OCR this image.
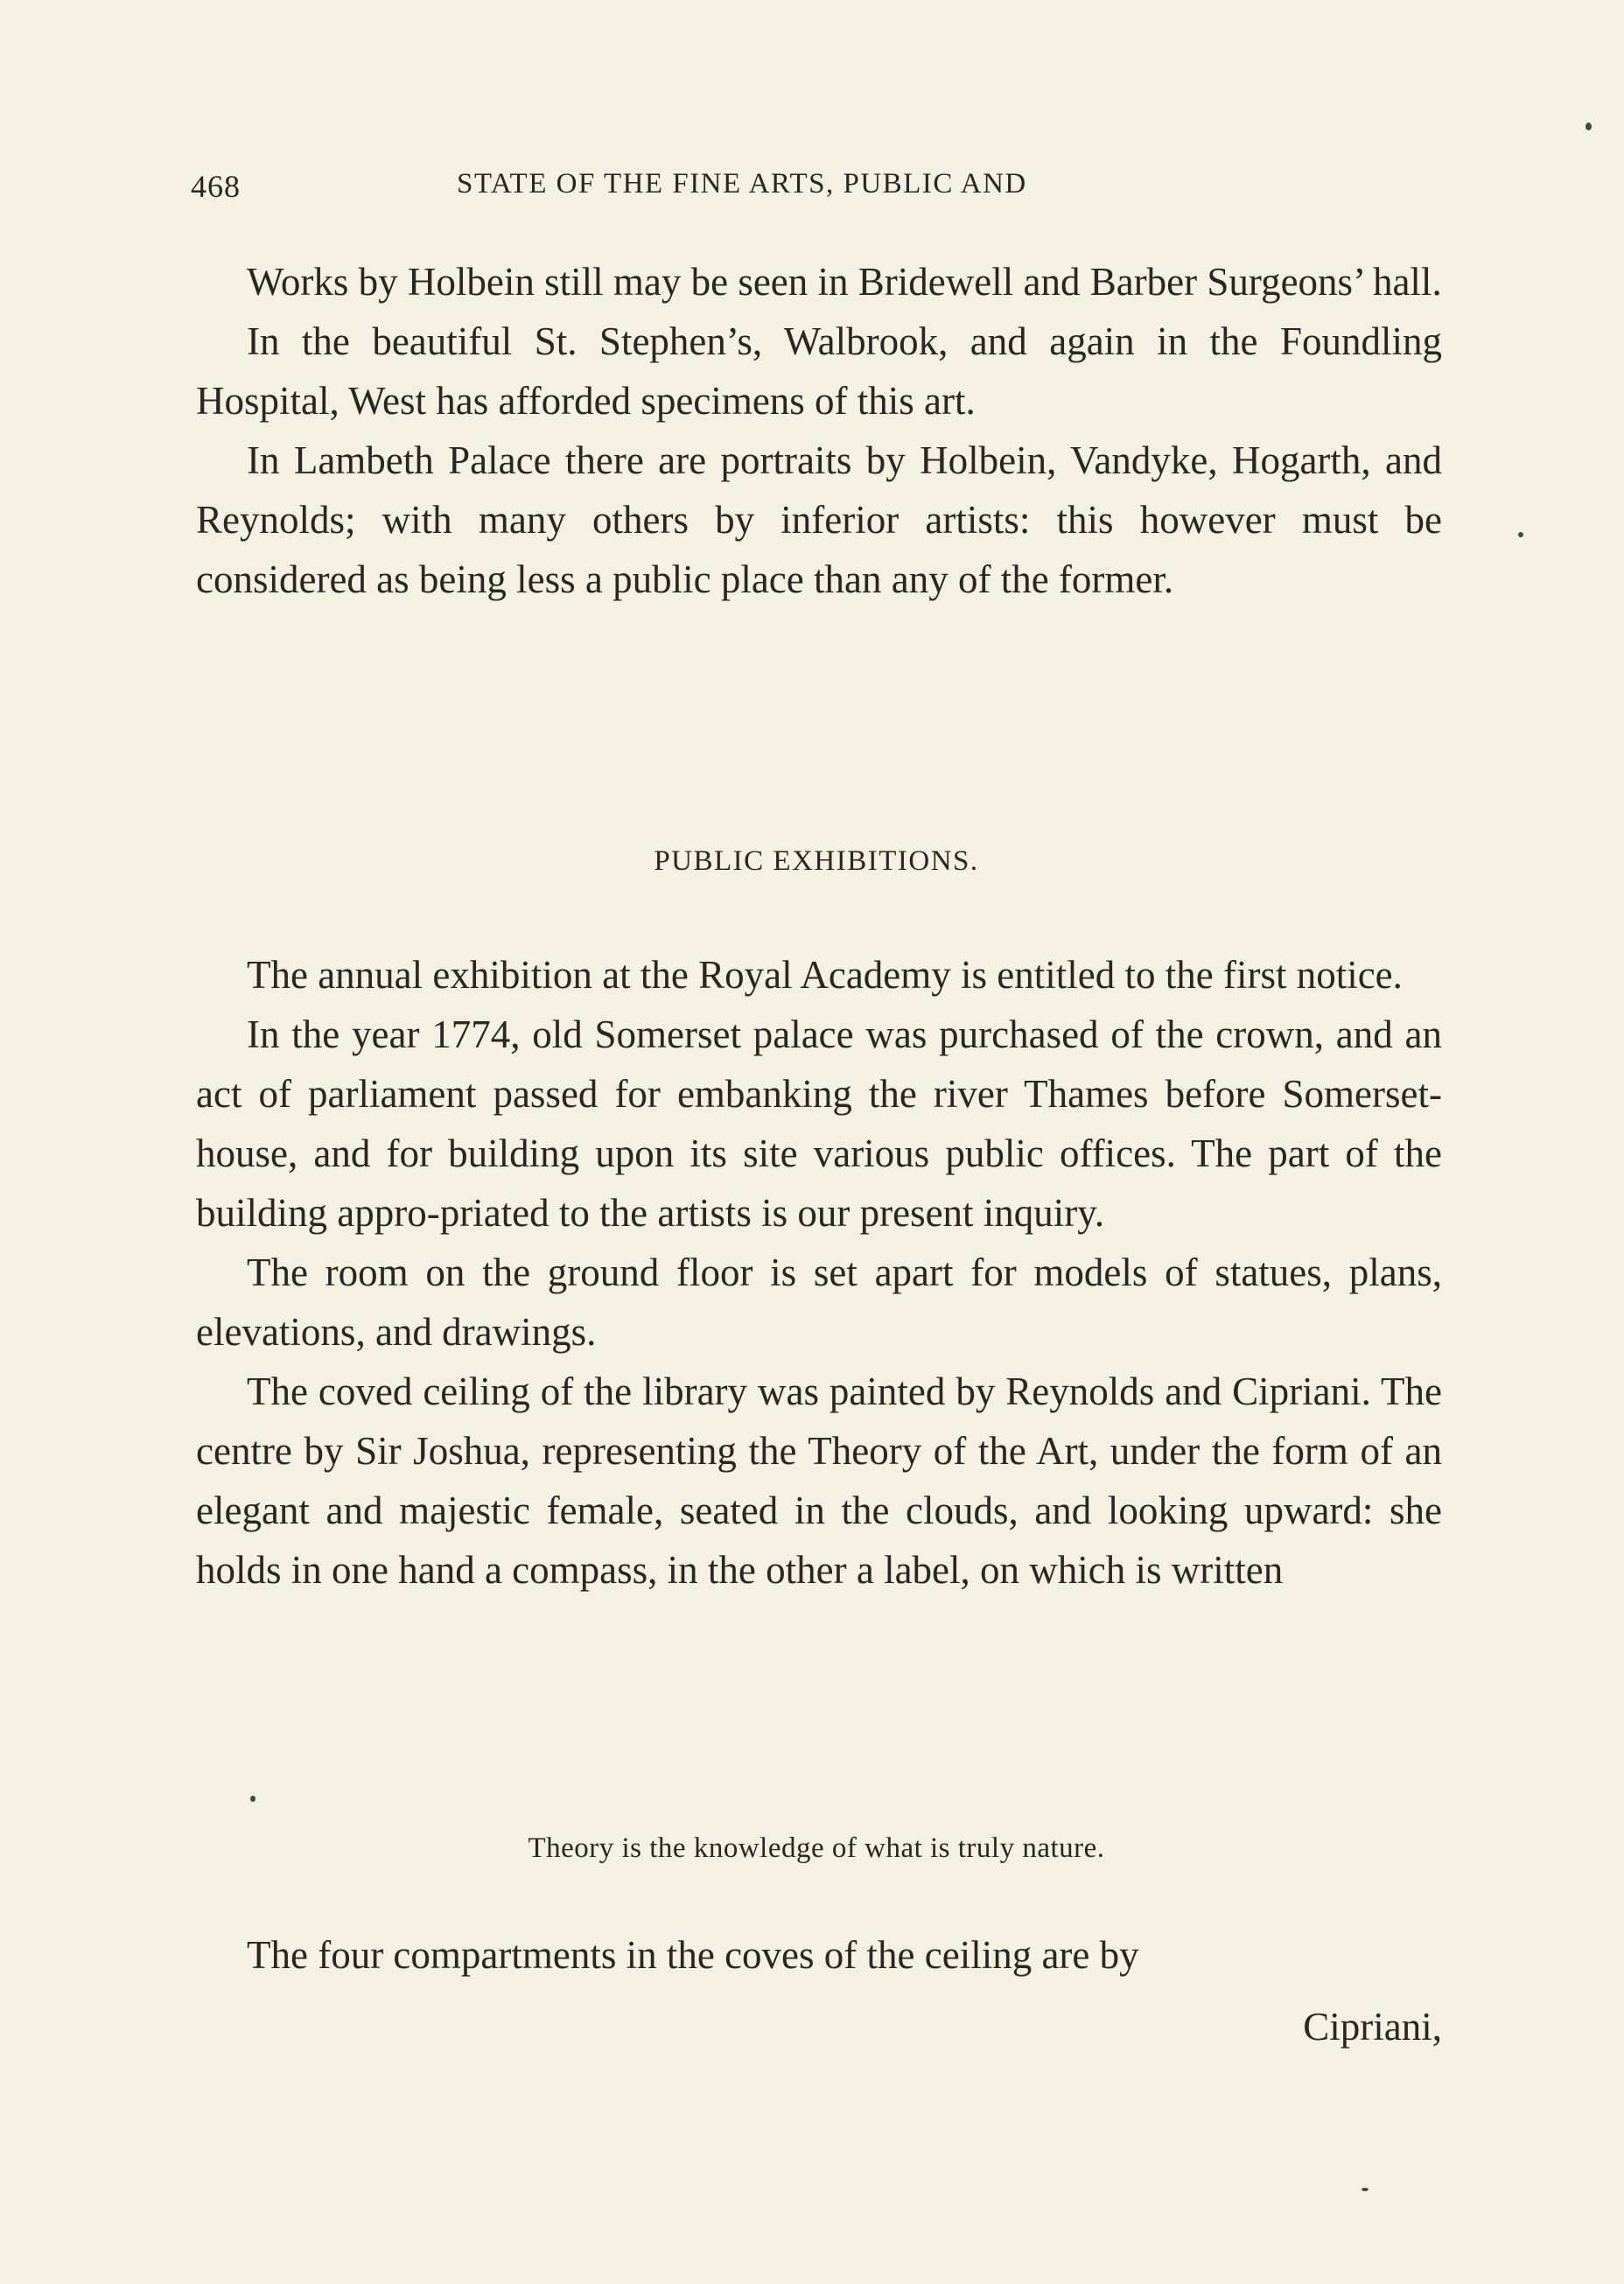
468	STATE OF THE FINE ARTS, PUBLIC AND

Works by Holbein still may be seen in Bridewell and Barber Surgeons’ hall.

In the beautiful St. Stephen’s, Walbrook, and again in the Foundling Hospital, West has afforded specimens of this art.

In Lambeth Palace there are portraits by Holbein, Vandyke, Hogarth, and Reynolds; with many others by inferior artists: this however must be considered as being less a public place than any of the former.

PUBLIC EXHIBITIONS.

The annual exhibition at the Royal Academy is entitled to the first notice.

In the year 1774, old Somerset palace was purchased of the crown, and an act of parliament passed for embanking the river Thames before Somerset-house, and for building upon its site various public offices. The part of the building appro-priated to the artists is our present inquiry.

The room on the ground floor is set apart for models of statues, plans, elevations, and drawings.

The coved ceiling of the library was painted by Reynolds and Cipriani. The centre by Sir Joshua, representing the Theory of the Art, under the form of an elegant and majestic female, seated in the clouds, and looking upward: she holds in one hand a compass, in the other a label, on which is written

Theory is the knowledge of what is truly nature.

The four compartments in the coves of the ceiling are by

Cipriani,
